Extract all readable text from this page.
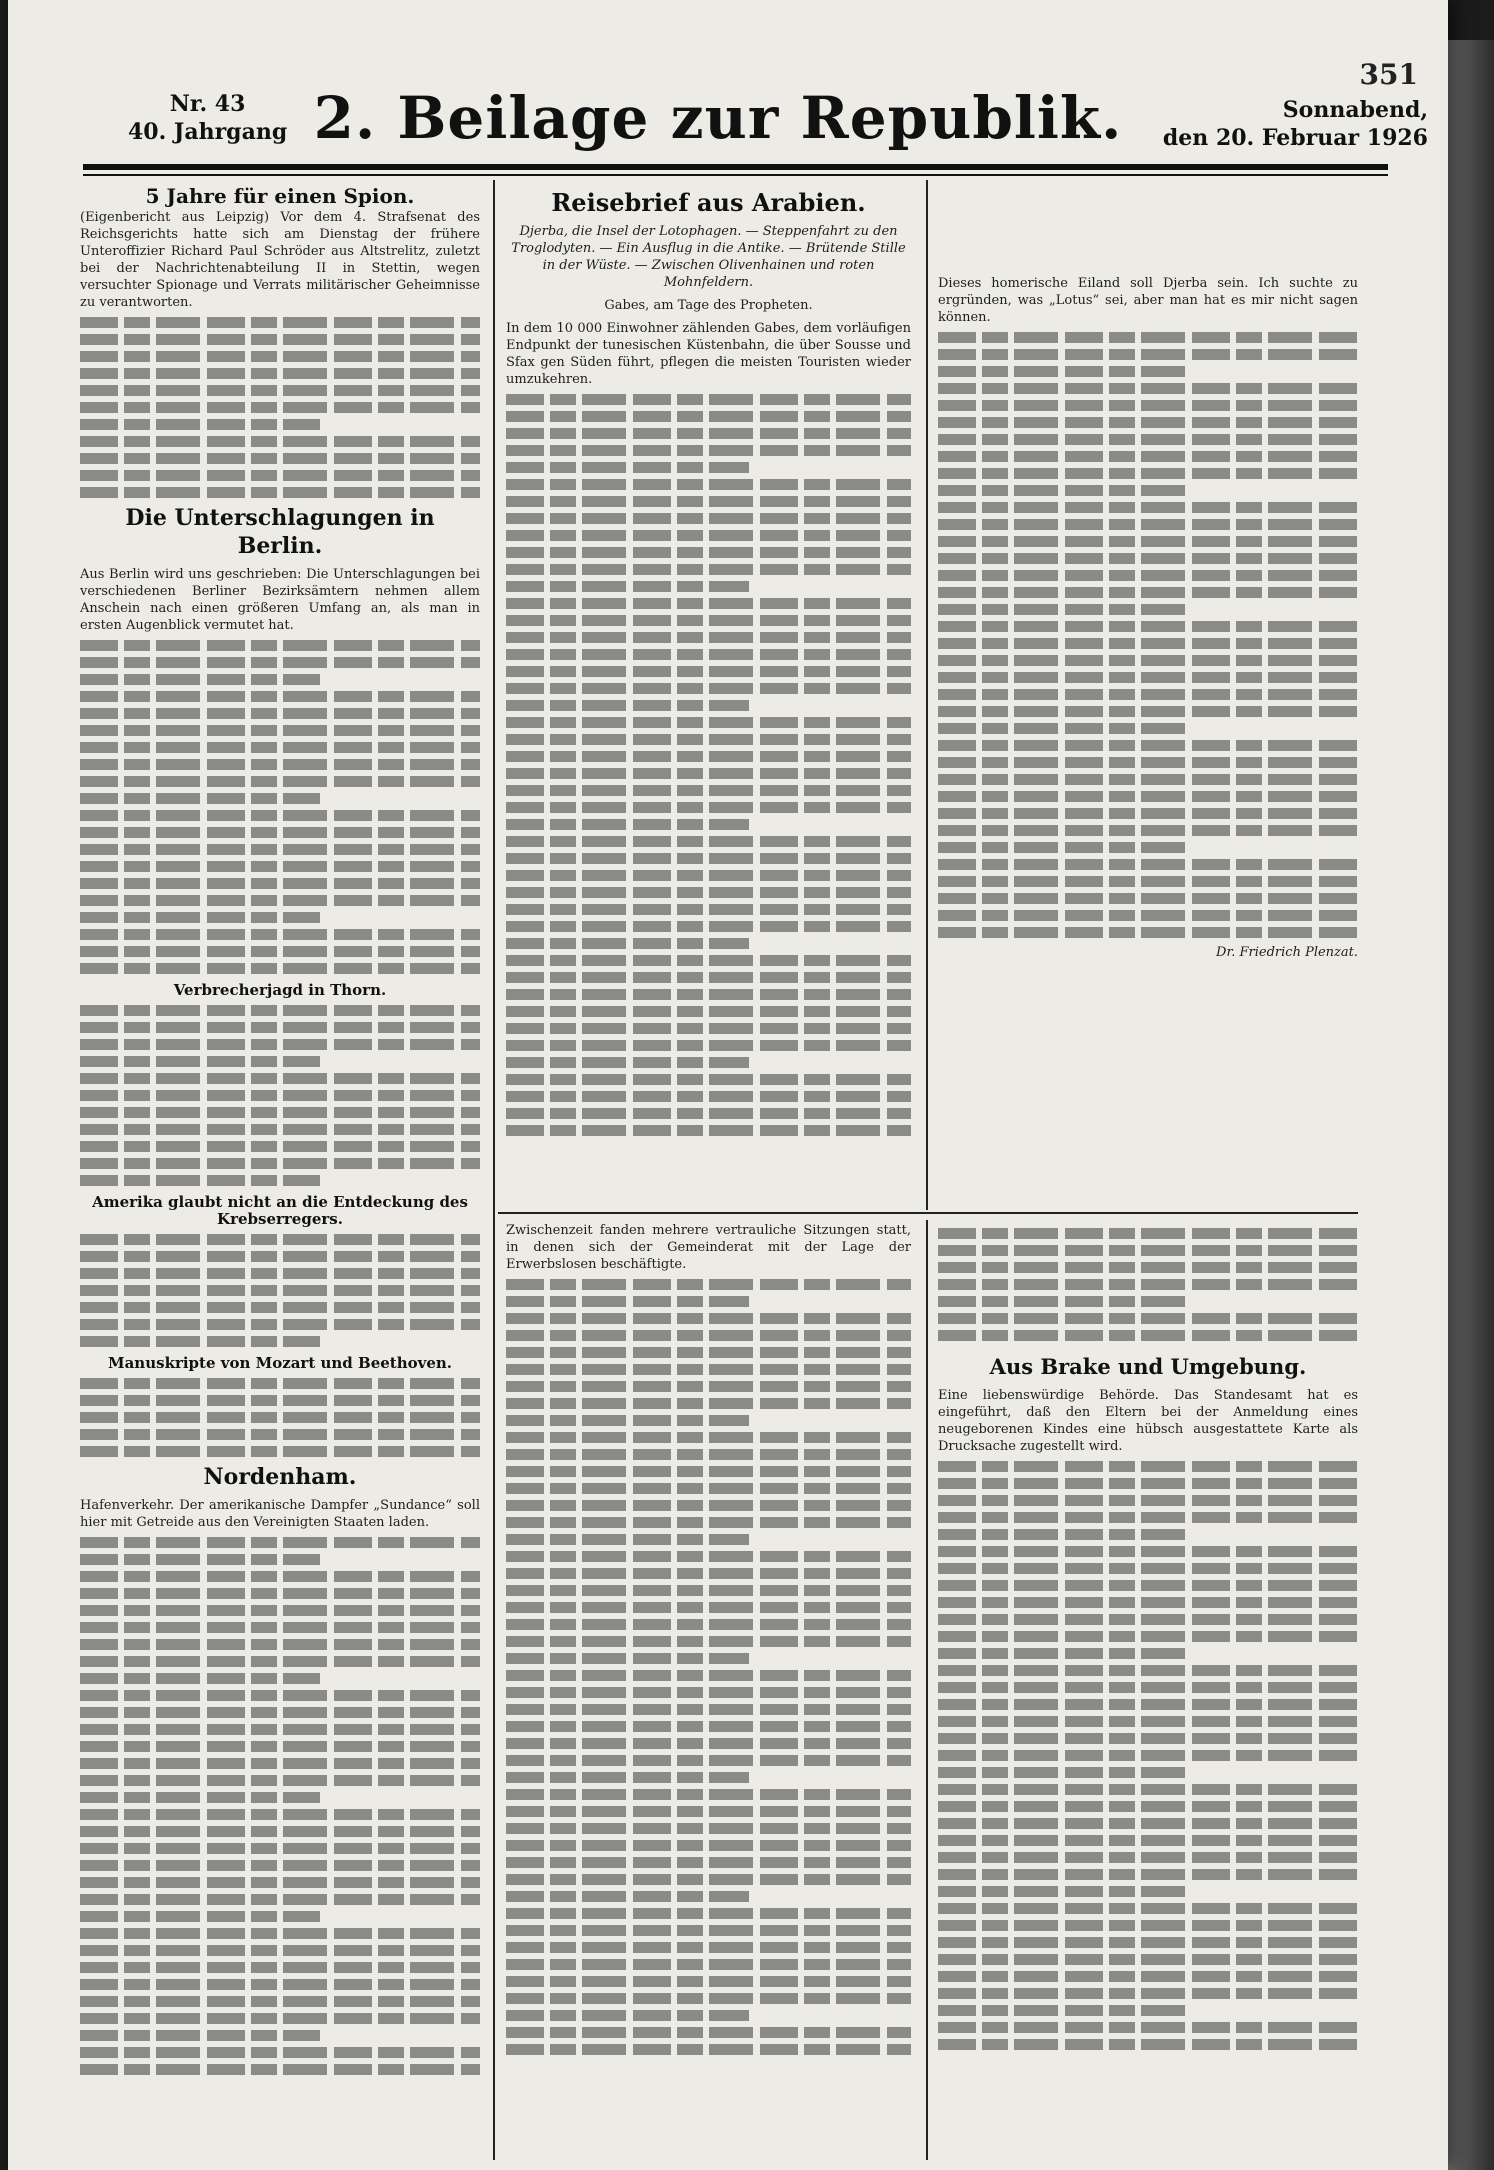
Nr. 43
40. Jahrgang 2. Beilage zur Republik.
351
Sonnabend,
den 20. Februar 1926
5 Jahre für einen Spion.
(Eigenbericht aus Leipzig) Vor dem 4. Strafsenat des Reichsgerichts hatte sich am Dienstag der frühere Unteroffizier Richard Paul Schröder aus Altstrelitz, zuletzt bei der Nachrichtenabteilung II in Stettin, wegen versuchter Spionage und Verrats militärischer Geheimnisse zu verantworten.
Die Unterschlagungen in Berlin.
Aus Berlin wird uns geschrieben: Die Unterschlagungen bei verschiedenen Berliner Bezirksämtern nehmen allem Anschein nach einen größeren Umfang an, als man in ersten Augenblick vermutet hat.
Verbrecherjagd in Thorn.
Amerika glaubt nicht an die Entdeckung des Krebserregers.
Manuskripte von Mozart und Beethoven.
Nordenham.
Hafenverkehr. Der amerikanische Dampfer „Sundance“ soll hier mit Getreide aus den Vereinigten Staaten laden.
Reisebrief aus Arabien.
Djerba, die Insel der Lotophagen. — Steppenfahrt zu den Troglodyten. — Ein Ausflug in die Antike. — Brütende Stille in der Wüste. — Zwischen Olivenhainen und roten Mohnfeldern.
Gabes, am Tage des Propheten.
In dem 10 000 Einwohner zählenden Gabes, dem vorläufigen Endpunkt der tunesischen Küstenbahn, die über Sousse und Sfax gen Süden führt, pflegen die meisten Touristen wieder umzukehren.
Dieses homerische Eiland soll Djerba sein. Ich suchte zu ergründen, was „Lotus“ sei, aber man hat es mir nicht sagen können.
Dr. Friedrich Plenzat.
Zwischenzeit fanden mehrere vertrauliche Sitzungen statt, in denen sich der Gemeinderat mit der Lage der Erwerbslosen beschäftigte.
Aus Brake und Umgebung.
Eine liebenswürdige Behörde. Das Standesamt hat es eingeführt, daß den Eltern bei der Anmeldung eines neugeborenen Kindes eine hübsch ausgestattete Karte als Drucksache zugestellt wird.
